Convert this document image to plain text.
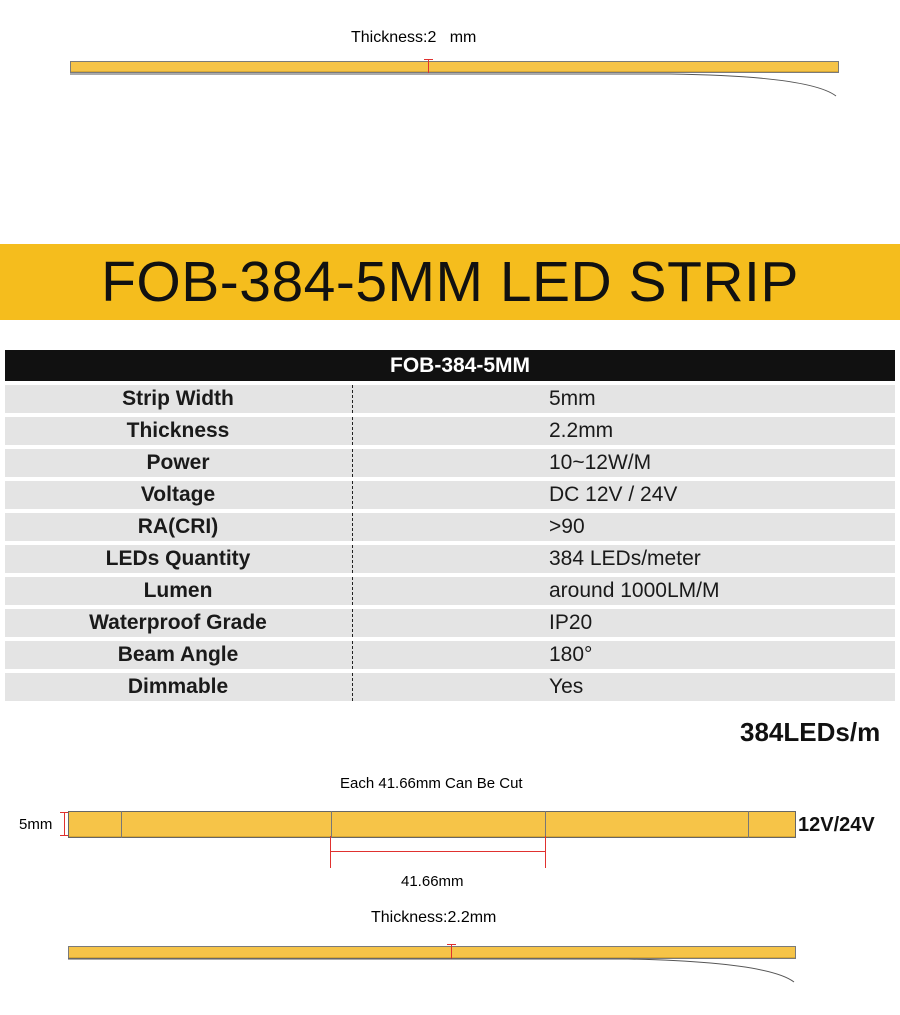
Thickness:2   mm
FOB-384-5MM LED STRIP
FOB-384-5MM
Strip Width	5mm
Thickness	2.2mm
Power	10~12W/M
Voltage	DC 12V / 24V
RA(CRI)	>90
LEDs Quantity	384 LEDs/meter
Lumen	around 1000LM/M
Waterproof Grade	IP20
Beam Angle	180°
Dimmable	Yes
384LEDs/m
Each 41.66mm Can Be Cut
5mm	12V/24V
41.66mm
Thickness:2.2mm
